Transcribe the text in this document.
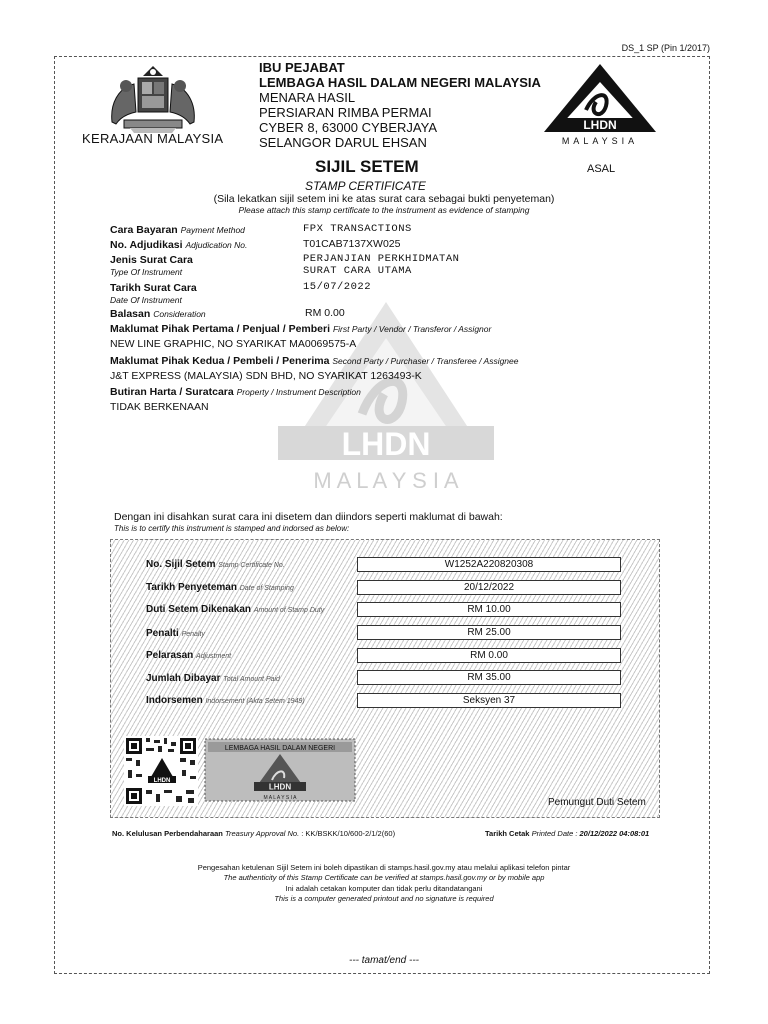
DS_1 SP (Pin 1/2017)
KERAJAAN MALAYSIA
IBU PEJABAT
LEMBAGA HASIL DALAM NEGERI MALAYSIA
MENARA HASIL
PERSIARAN RIMBA PERMAI
CYBER 8, 63000 CYBERJAYA
SELANGOR DARUL EHSAN
LHDN
MALAYSIA
SIJIL SETEM	ASAL
STAMP CERTIFICATE
(Sila lekatkan sijil setem ini ke atas surat cara sebagai bukti penyeteman)
Please attach this stamp certificate to the instrument as evidence of stamping
LHDN
M A L A Y S I A
Cara Bayaran Payment Method	FPX TRANSACTIONS
No. Adjudikasi Adjudication No.	T01CAB7137XW025
Jenis Surat Cara
Type Of Instrument
PERJANJIAN PERKHIDMATAN
SURAT CARA UTAMA
Tarikh Surat Cara
Date Of Instrument
15/07/2022
Balasan Consideration	RM 0.00
Maklumat Pihak Pertama / Penjual / Pemberi First Party / Vendor / Transferor / Assignor
NEW LINE GRAPHIC, NO SYARIKAT MA0069575-A
Maklumat Pihak Kedua / Pembeli / Penerima Second Party / Purchaser / Transferee / Assignee
J&T EXPRESS (MALAYSIA) SDN BHD, NO SYARIKAT 1263493-K
Butiran Harta / Suratcara Property / Instrument Description
TIDAK BERKENAAN
Dengan ini disahkan surat cara ini disetem dan diindors seperti maklumat di bawah:
This is to certify this instrument is stamped and indorsed as below:
No. Sijil Setem Stamp Certificate No.	W1252A220820308
Tarikh Penyeteman Date of Stamping	20/12/2022
Duti Setem Dikenakan Amount of Stamp Duty	RM 10.00
Penalti Penalty	RM 25.00
Pelarasan Adjustment	RM 0.00
Jumlah Dibayar Total Amount Paid	RM 35.00
Indorsemen Indorsement (Akta Setem 1949)	Seksyen 37
LHDN
LEMBAGA HASIL DALAM NEGERI
LHDN
M A L A Y S I A	Pemungut Duti Setem
No. Kelulusan Perbendaharaan Treasury Approval No. : KK/BSKK/10/600-2/1/2(60)	Tarikh Cetak Printed Date : 20/12/2022 04:08:01
Pengesahan ketulenan Sijil Setem ini boleh dipastikan di stamps.hasil.gov.my atau melalui aplikasi telefon pintar
The authenticity of this Stamp Certificate can be verified at stamps.hasil.gov.my or by mobile app
Ini adalah cetakan komputer dan tidak perlu ditandatangani
This is a computer generated printout and no signature is required
--- tamat/end ---
